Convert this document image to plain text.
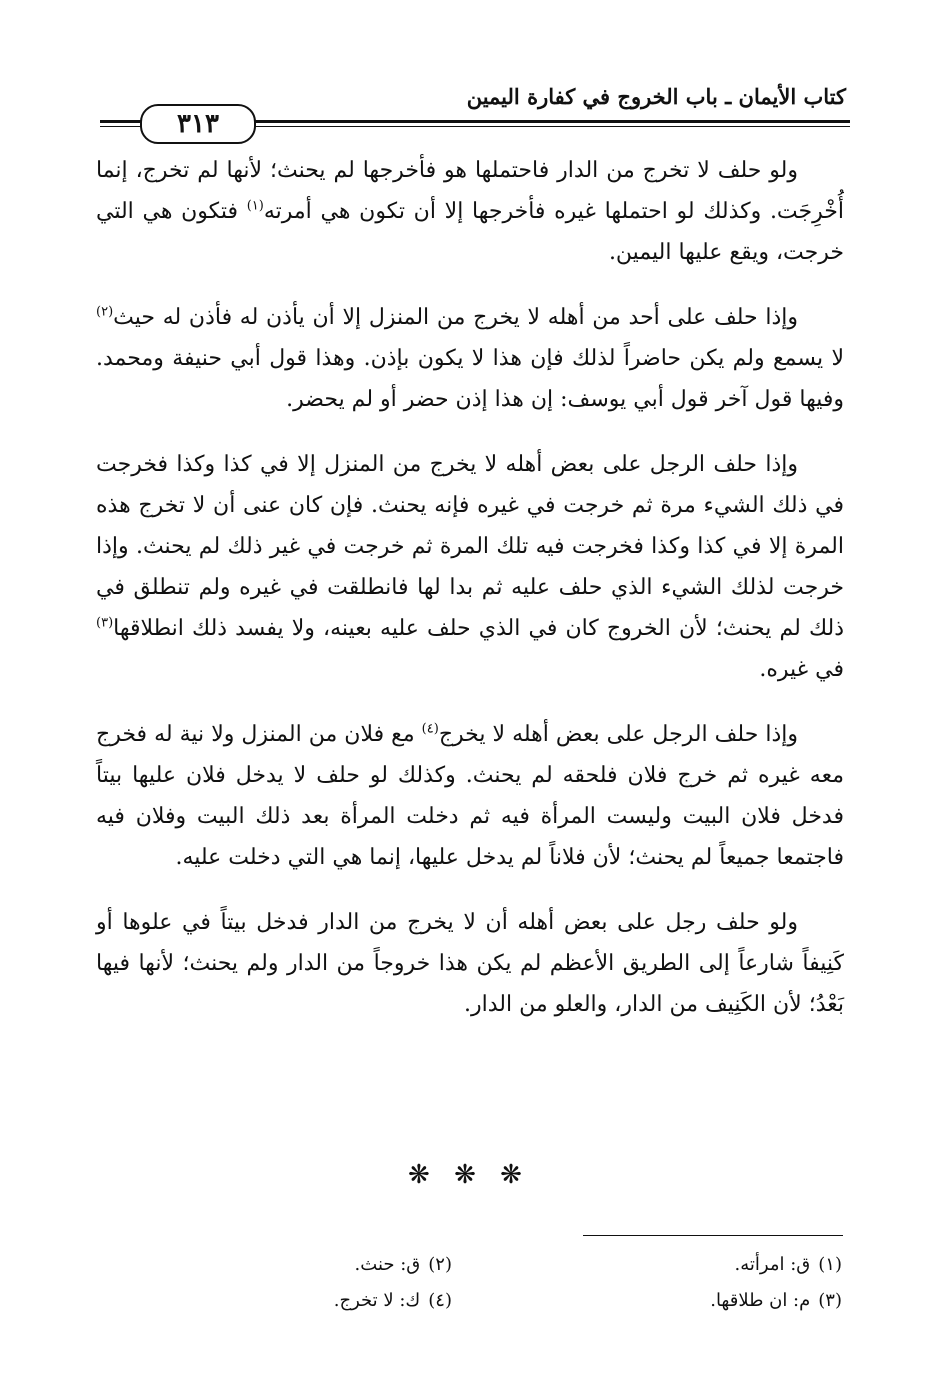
كتاب الأيمان ـ باب الخروج في كفارة اليمين
٣١٣

ولو حلف لا تخرج من الدار فاحتملها هو فأخرجها لم يحنث؛ لأنها لم تخرج، إنما أُخْرِجَت. وكذلك لو احتملها غيره فأخرجها إلا أن تكون هي أمرته$^{(١)}$ فتكون هي التي خرجت، ويقع عليها اليمين.

وإذا حلف على أحد من أهله لا يخرج من المنزل إلا أن يأذن له فأذن له حيث$^{(٢)}$ لا يسمع ولم يكن حاضراً لذلك فإن هذا لا يكون بإذن. وهذا قول أبي حنيفة ومحمد. وفيها قول آخر قول أبي يوسف: إن هذا إذن حضر أو لم يحضر.

وإذا حلف الرجل على بعض أهله لا يخرج من المنزل إلا في كذا وكذا فخرجت في ذلك الشيء مرة ثم خرجت في غيره فإنه يحنث. فإن كان عنى أن لا تخرج هذه المرة إلا في كذا وكذا فخرجت فيه تلك المرة ثم خرجت في غير ذلك لم يحنث. وإذا خرجت لذلك الشيء الذي حلف عليه ثم بدا لها فانطلقت في غيره ولم تنطلق في ذلك لم يحنث؛ لأن الخروج كان في الذي حلف عليه بعينه، ولا يفسد ذلك انطلاقها$^{(٣)}$ في غيره.

وإذا حلف الرجل على بعض أهله لا يخرج$^{(٤)}$ مع فلان من المنزل ولا نية له فخرج معه غيره ثم خرج فلان فلحقه لم يحنث. وكذلك لو حلف لا يدخل فلان عليها بيتاً فدخل فلان البيت وليست المرأة فيه ثم دخلت المرأة بعد ذلك البيت وفلان فيه فاجتمعا جميعاً لم يحنث؛ لأن فلاناً لم يدخل عليها، إنما هي التي دخلت عليه.

ولو حلف رجل على بعض أهله أن لا يخرج من الدار فدخل بيتاً في علوها أو كَنِيفاً شارعاً إلى الطريق الأعظم لم يكن هذا خروجاً من الدار ولم يحنث؛ لأنها فيها بَعْدُ؛ لأن الكَنِيف من الدار، والعلو من الدار.

❋ ❋ ❋
(١)ق: امرأته.
(٢)ق: حنث.
(٣)م: ان طلاقها.
(٤)ك: لا تخرج.
